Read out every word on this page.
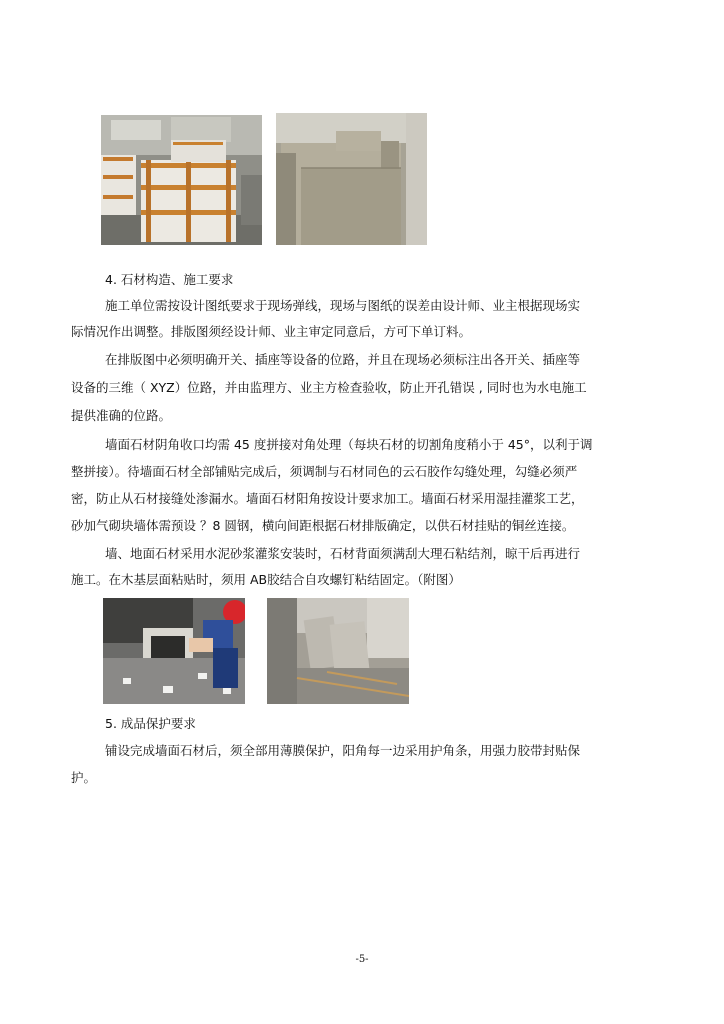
4. 石材构造、施工要求
施工单位需按设计图纸要求于现场弹线，现场与图纸的误差由设计师、业主根据现场实
际情况作出调整。排版图须经设计师、业主审定同意后，方可下单订料。
在排版图中必须明确开关、插座等设备的位路，并且在现场必须标注出各开关、插座等
设备的三维（ XYZ）位路，并由监理方、业主方检查验收，防止开孔错误 , 同时也为水电施工
提供准确的位路。
墙面石材阴角收口均需 45 度拼接对角处理（每块石材的切割角度稍小于 45°，以利于调
整拼接）。待墙面石材全部铺贴完成后，须调制与石材同色的云石胶作勾缝处理，勾缝必须严
密，防止从石材接缝处渗漏水。墙面石材阳角按设计要求加工。墙面石材采用湿挂灌浆工艺，
砂加气砌块墙体需预设 ？8 圆钢，横向间距根据石材排版确定，以供石材挂贴的铜丝连接。
墙、地面石材采用水泥砂浆灌浆安装时，石材背面须满刮大理石粘结剂，晾干后再进行
施工。在木基层面粘贴时，须用 AB胶结合自攻螺钉粘结固定。（附图）
5. 成品保护要求
铺设完成墙面石材后，须全部用薄膜保护，阳角每一边采用护角条，用强力胶带封贴保
护。
-5-
